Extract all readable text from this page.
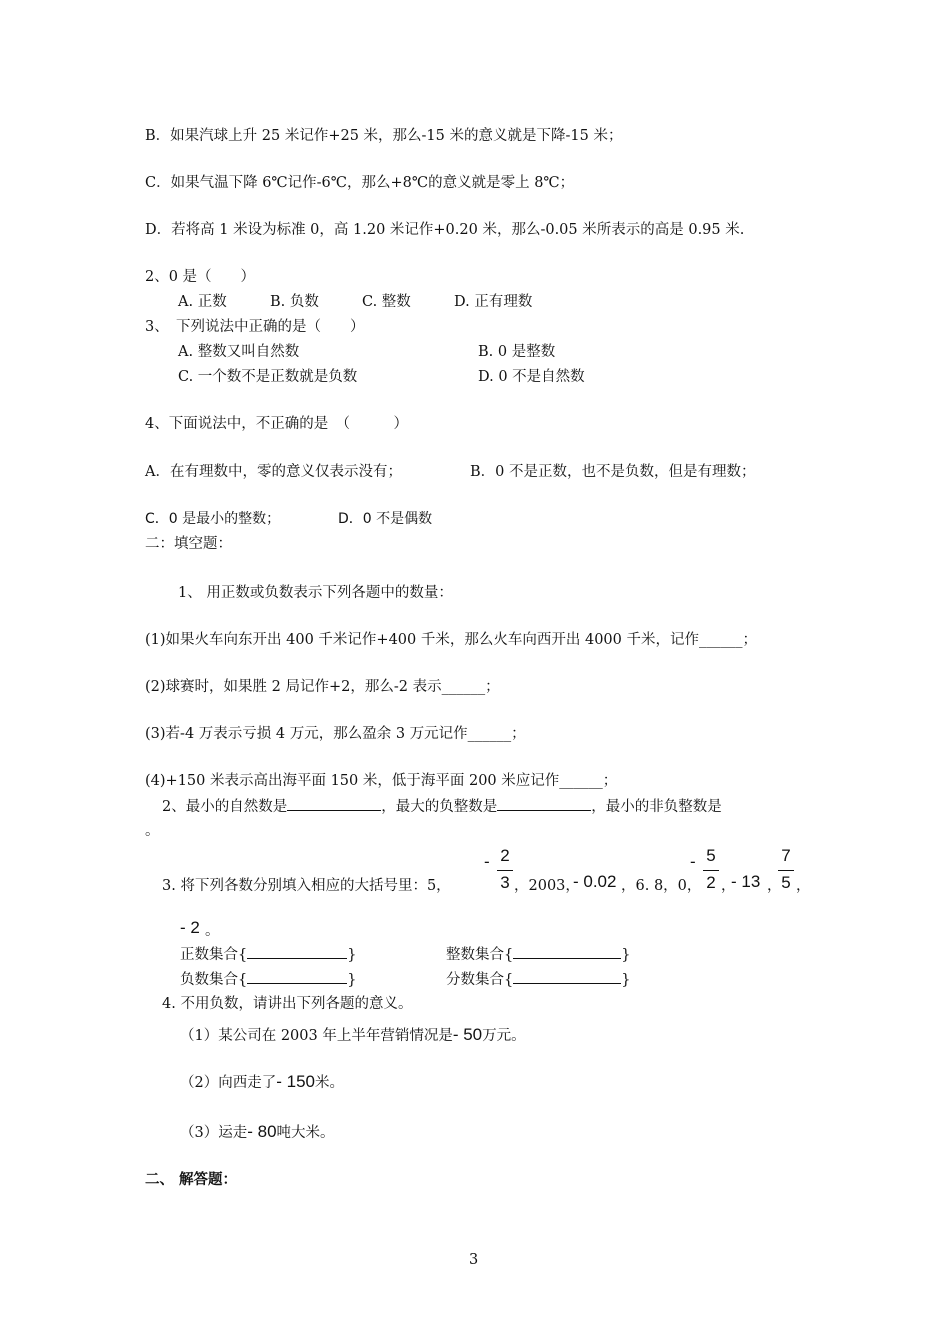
B．如果汽球上升 25 米记作+25 米，那么-15 米的意义就是下降-15 米；
C．如果气温下降 6℃记作-6℃，那么+8℃的意义就是零上 8℃；
D．若将高 1 米设为标准 0，高 1.20 米记作+0.20 米，那么-0.05 米所表示的高是 0.95 米.
2、0 是（　　）
A. 正数	B. 负数	C. 整数	D. 正有理数
3、　下列说法中正确的是（　　）
A. 整数又叫自然数	B. 0 是整数
C. 一个数不是正数就是负数	D. 0 不是自然数
4、下面说法中，不正确的是　（　　　）
A．在有理数中，零的意义仅表示没有；	B．0 不是正数，也不是负数，但是有理数；
C．0 是最小的整数；	D．0 不是偶数
二：填空题：
1、 用正数或负数表示下列各题中的数量：
(1)如果火车向东开出 400 千米记作+400 千米，那么火车向西开出 4000 千米，记作______；
(2)球赛时，如果胜 2 局记作+2，那么-2 表示______；
(3)若-4 万表示亏损 4 万元，那么盈余 3 万元记作______；
(4)+150 米表示高出海平面 150 米，低于海平面 200 米应记作______；
2、最小的自然数是	，最大的负整数是	，最小的非负整数是
。
3. 将下列各数分别填入相应的大括号里：5，
- 2
3 ，2003，
- 0.02 ，6. 8，0，
- 5
2 ，
- 13 ，
7
5 ，
- 2 。
正数集合{	}	整数集合{	}
负数集合{	}	分数集合{	}
4. 不用负数，请讲出下列各题的意义。
（1）某公司在 2003 年上半年营销情况是- 50万元。
（2）向西走了- 150米。
（3）运走- 80吨大米。
二、 解答题：
3
